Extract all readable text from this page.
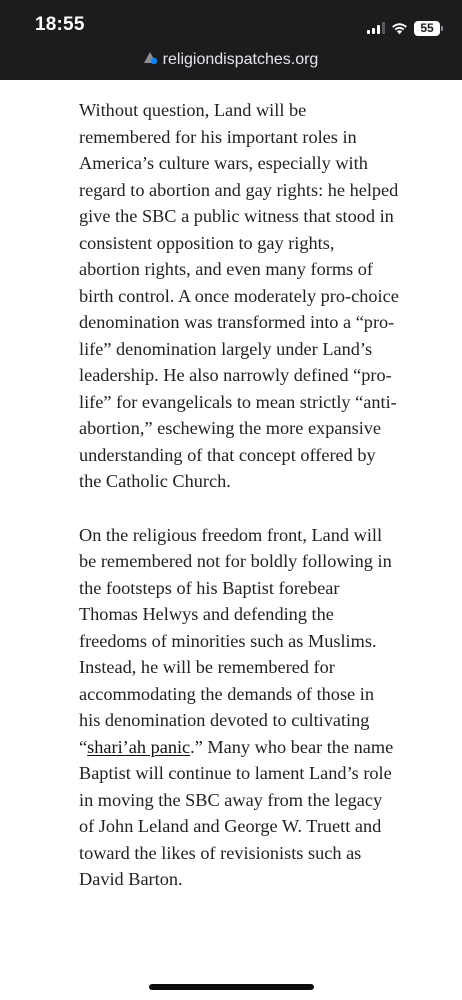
18:55	55
religiondispatches.org

Without question, Land will be remembered for his important roles in America’s culture wars, especially with regard to abortion and gay rights: he helped give the SBC a public witness that stood in consistent opposition to gay rights, abortion rights, and even many forms of birth control. A once moderately pro-choice denomination was transformed into a “pro-life” denomination largely under Land’s leadership. He also narrowly defined “pro-life” for evangelicals to mean strictly “anti-abortion,” eschewing the more expansive understanding of that concept offered by the Catholic Church.

On the religious freedom front, Land will be remembered not for boldly following in the footsteps of his Baptist forebear Thomas Helwys and defending the freedoms of minorities such as Muslims. Instead, he will be remembered for accommodating the demands of those in his denomination devoted to cultivating “shari’ah panic.” Many who bear the name Baptist will continue to lament Land’s role in moving the SBC away from the legacy of John Leland and George W. Truett and toward the likes of revisionists such as David Barton.
